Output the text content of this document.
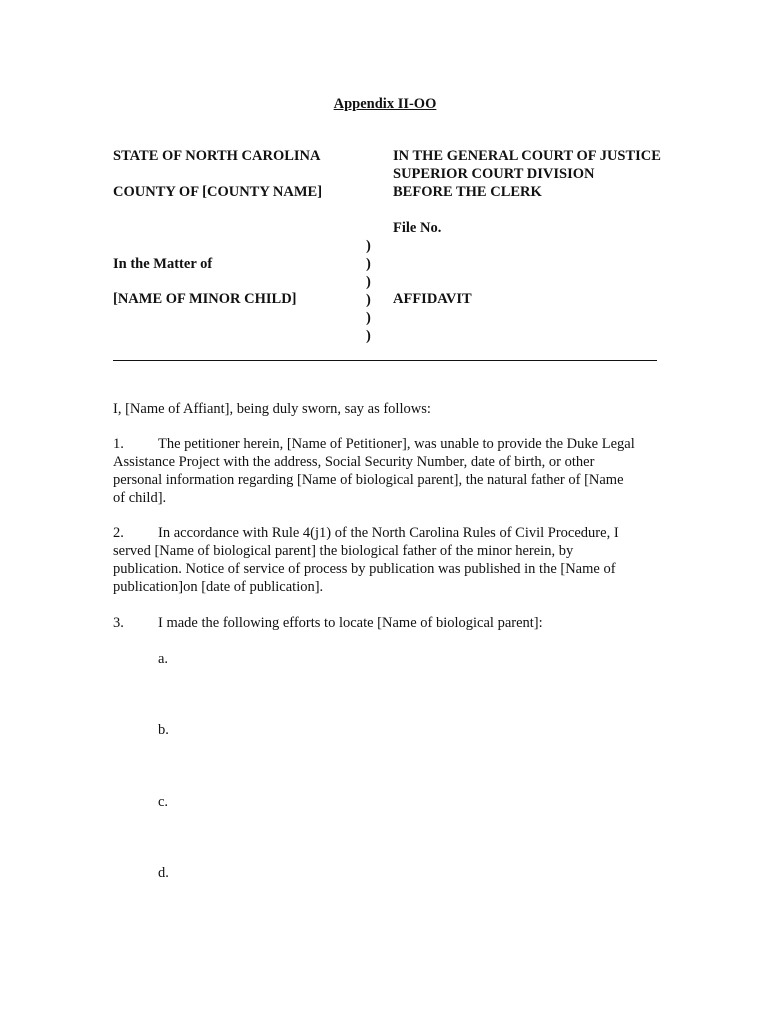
Appendix II-OO
STATE OF NORTH CAROLINA
COUNTY OF [COUNTY NAME]
IN THE GENERAL COURT OF JUSTICE
SUPERIOR COURT DIVISION
BEFORE THE CLERK
File No.
In the Matter of
[NAME OF MINOR CHILD]	AFFIDAVIT
)
)
)
)
)
)
I, [Name of Affiant], being duly sworn, say as follows:
1. The petitioner herein, [Name of Petitioner], was unable to provide the Duke Legal
Assistance Project with the address, Social Security Number, date of birth, or other
personal information regarding [Name of biological parent], the natural father of [Name
of child].
2. In accordance with Rule 4(j1) of the North Carolina Rules of Civil Procedure, I
served [Name of biological parent] the biological father of the minor herein, by
publication. Notice of service of process by publication was published in the [Name of
publication]on [date of publication].
3. I made the following efforts to locate [Name of biological parent]:
a.
b.
c.
d.
